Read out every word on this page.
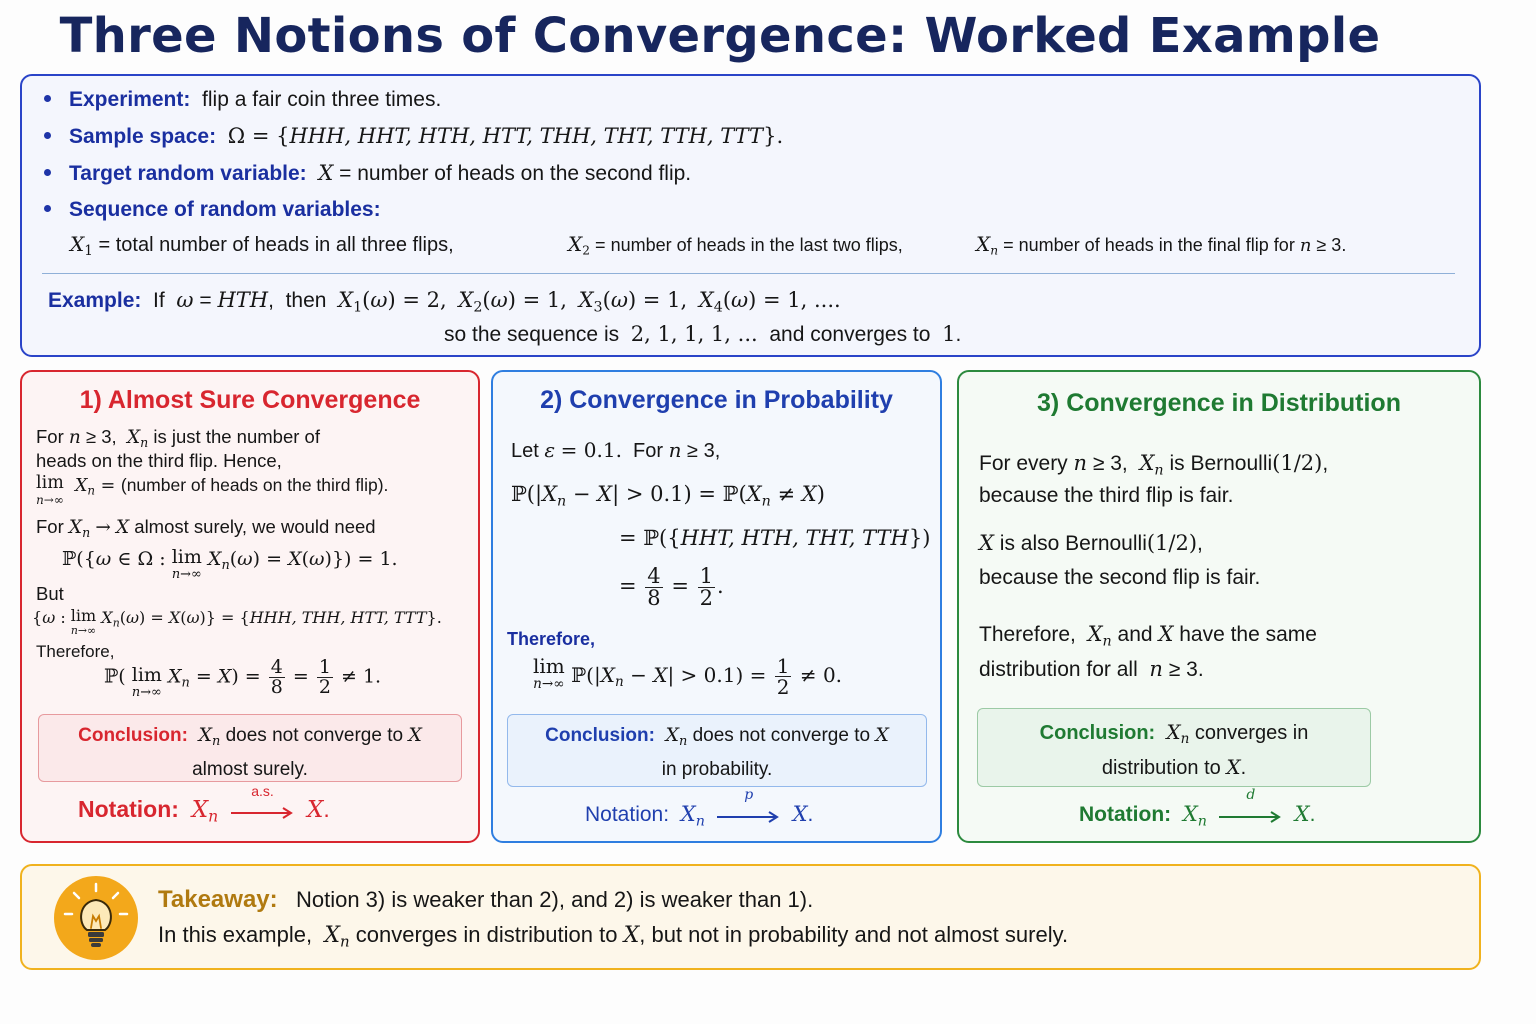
Three Notions of Convergence: Worked Example
Experiment: flip a fair coin three times.
Sample space: Ω = {HHH, HHT, HTH, HTT, THH, THT, TTH, TTT}.
Target random variable: X = number of heads on the second flip.
Sequence of random variables:
$X_1$ = total number of heads in all three flips,	$X_2$ = number of heads in the last two flips,	$X_n$ = number of heads in the final flip for n ≥ 3.
Example:  If  ω = HTH,  then  $X_1(\omega) = 2$, $X_2(\omega) = 1$, $X_3(\omega) = 1$, $X_4(\omega) = 1$, ....
so the sequence is  2, 1, 1, 1, ...  and converges to  1.
1) Almost Sure Convergence
For n ≥ 3,  $X_n$ is just the number of
heads on the third flip. Hence,
lim
n→∞
$X_n$ = (number of heads on the third flip).
For $X_n \to X$ almost surely, we would need
ℙ({ω ∈ Ω : lim
n→∞
$X_n(\omega) = X(\omega)\}) = 1$.
But
{ω : lim
n→∞
$X_n(\omega) = X(\omega)\} = \{HHH$, THH, HTT, TTT}.
Therefore,
ℙ( lim
n→∞
$X_n = X) = \frac{4}{8} = \frac{1}{2} \ne 1$.
Conclusion: $X_n$ does not converge to X
almost surely.
Notation: $X_n$
a.s.
X.
2) Convergence in Probability
Let ε = 0.1.  For n ≥ 3,
$ℙ(|X_n - X| > 0.1)$ = $ℙ(X_n \ne X)$
= ℙ({HHT, HTH, THT, TTH})
= $\frac{4}{8} = \frac{1}{2}$ .
Therefore,
lim
n→∞ $ℙ(|X_n - X| > 0.1) = \frac{1}{2} \ne 0$.
Conclusion: $X_n$ does not converge to X
in probability.
Notation: $X_n$
p
X.
3) Convergence in Distribution
For every n ≥ 3,  $X_n$ is Bernoulli(1/2),
because the third flip is fair.
X is also Bernoulli(1/2),
because the second flip is fair.
Therefore,  $X_n$ and X have the same
distribution for all  n ≥ 3.
Conclusion: $X_n$ converges in
distribution to X.
Notation: $X_n$
d
X.
Takeaway: Notion 3) is weaker than 2), and 2) is weaker than 1).
In this example,  $X_n$ converges in distribution to X, but not in probability and not almost surely.
